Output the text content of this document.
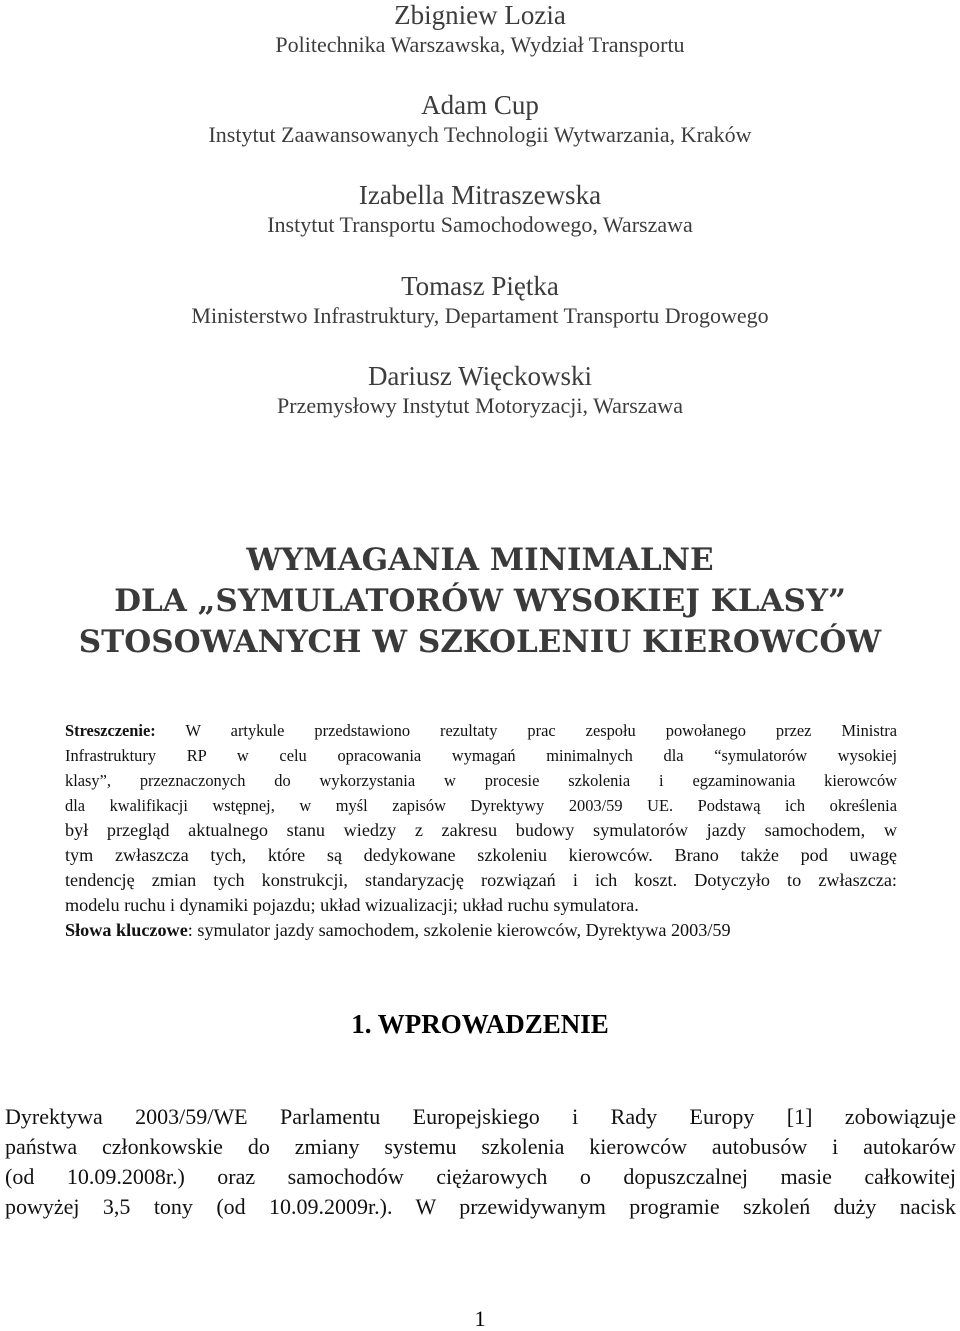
Zbigniew Lozia
Politechnika Warszawska, Wydział Transportu
Adam Cup
Instytut Zaawansowanych Technologii Wytwarzania, Kraków
Izabella Mitraszewska
Instytut Transportu Samochodowego, Warszawa
Tomasz Piętka
Ministerstwo Infrastruktury, Departament Transportu Drogowego
Dariusz Więckowski
Przemysłowy Instytut Motoryzacji, Warszawa
WYMAGANIA MINIMALNE
DLA „SYMULATORÓW WYSOKIEJ KLASY”
STOSOWANYCH W SZKOLENIU KIEROWCÓW
Streszczenie: W artykule przedstawiono rezultaty prac zespołu powołanego przez Ministra
Infrastruktury RP w celu opracowania wymagań minimalnych dla “symulatorów wysokiej
klasy”, przeznaczonych do wykorzystania w procesie szkolenia i egzaminowania kierowców
dla kwalifikacji wstępnej, w myśl zapisów Dyrektywy 2003/59 UE. Podstawą ich określenia
był przegląd aktualnego stanu wiedzy z zakresu budowy symulatorów jazdy samochodem, w
tym zwłaszcza tych, które są dedykowane szkoleniu kierowców. Brano także pod uwagę
tendencję zmian tych konstrukcji, standaryzację rozwiązań i ich koszt. Dotyczyło to zwłaszcza:
modelu ruchu i dynamiki pojazdu; układ wizualizacji; układ ruchu symulatora.
Słowa kluczowe: symulator jazdy samochodem, szkolenie kierowców, Dyrektywa 2003/59
1. WPROWADZENIE
Dyrektywa 2003/59/WE Parlamentu Europejskiego i Rady Europy [1] zobowiązuje
państwa członkowskie do zmiany systemu szkolenia kierowców autobusów i autokarów
(od 10.09.2008r.) oraz samochodów ciężarowych o dopuszczalnej masie całkowitej
powyżej 3,5 tony (od 10.09.2009r.). W przewidywanym programie szkoleń duży nacisk
1
